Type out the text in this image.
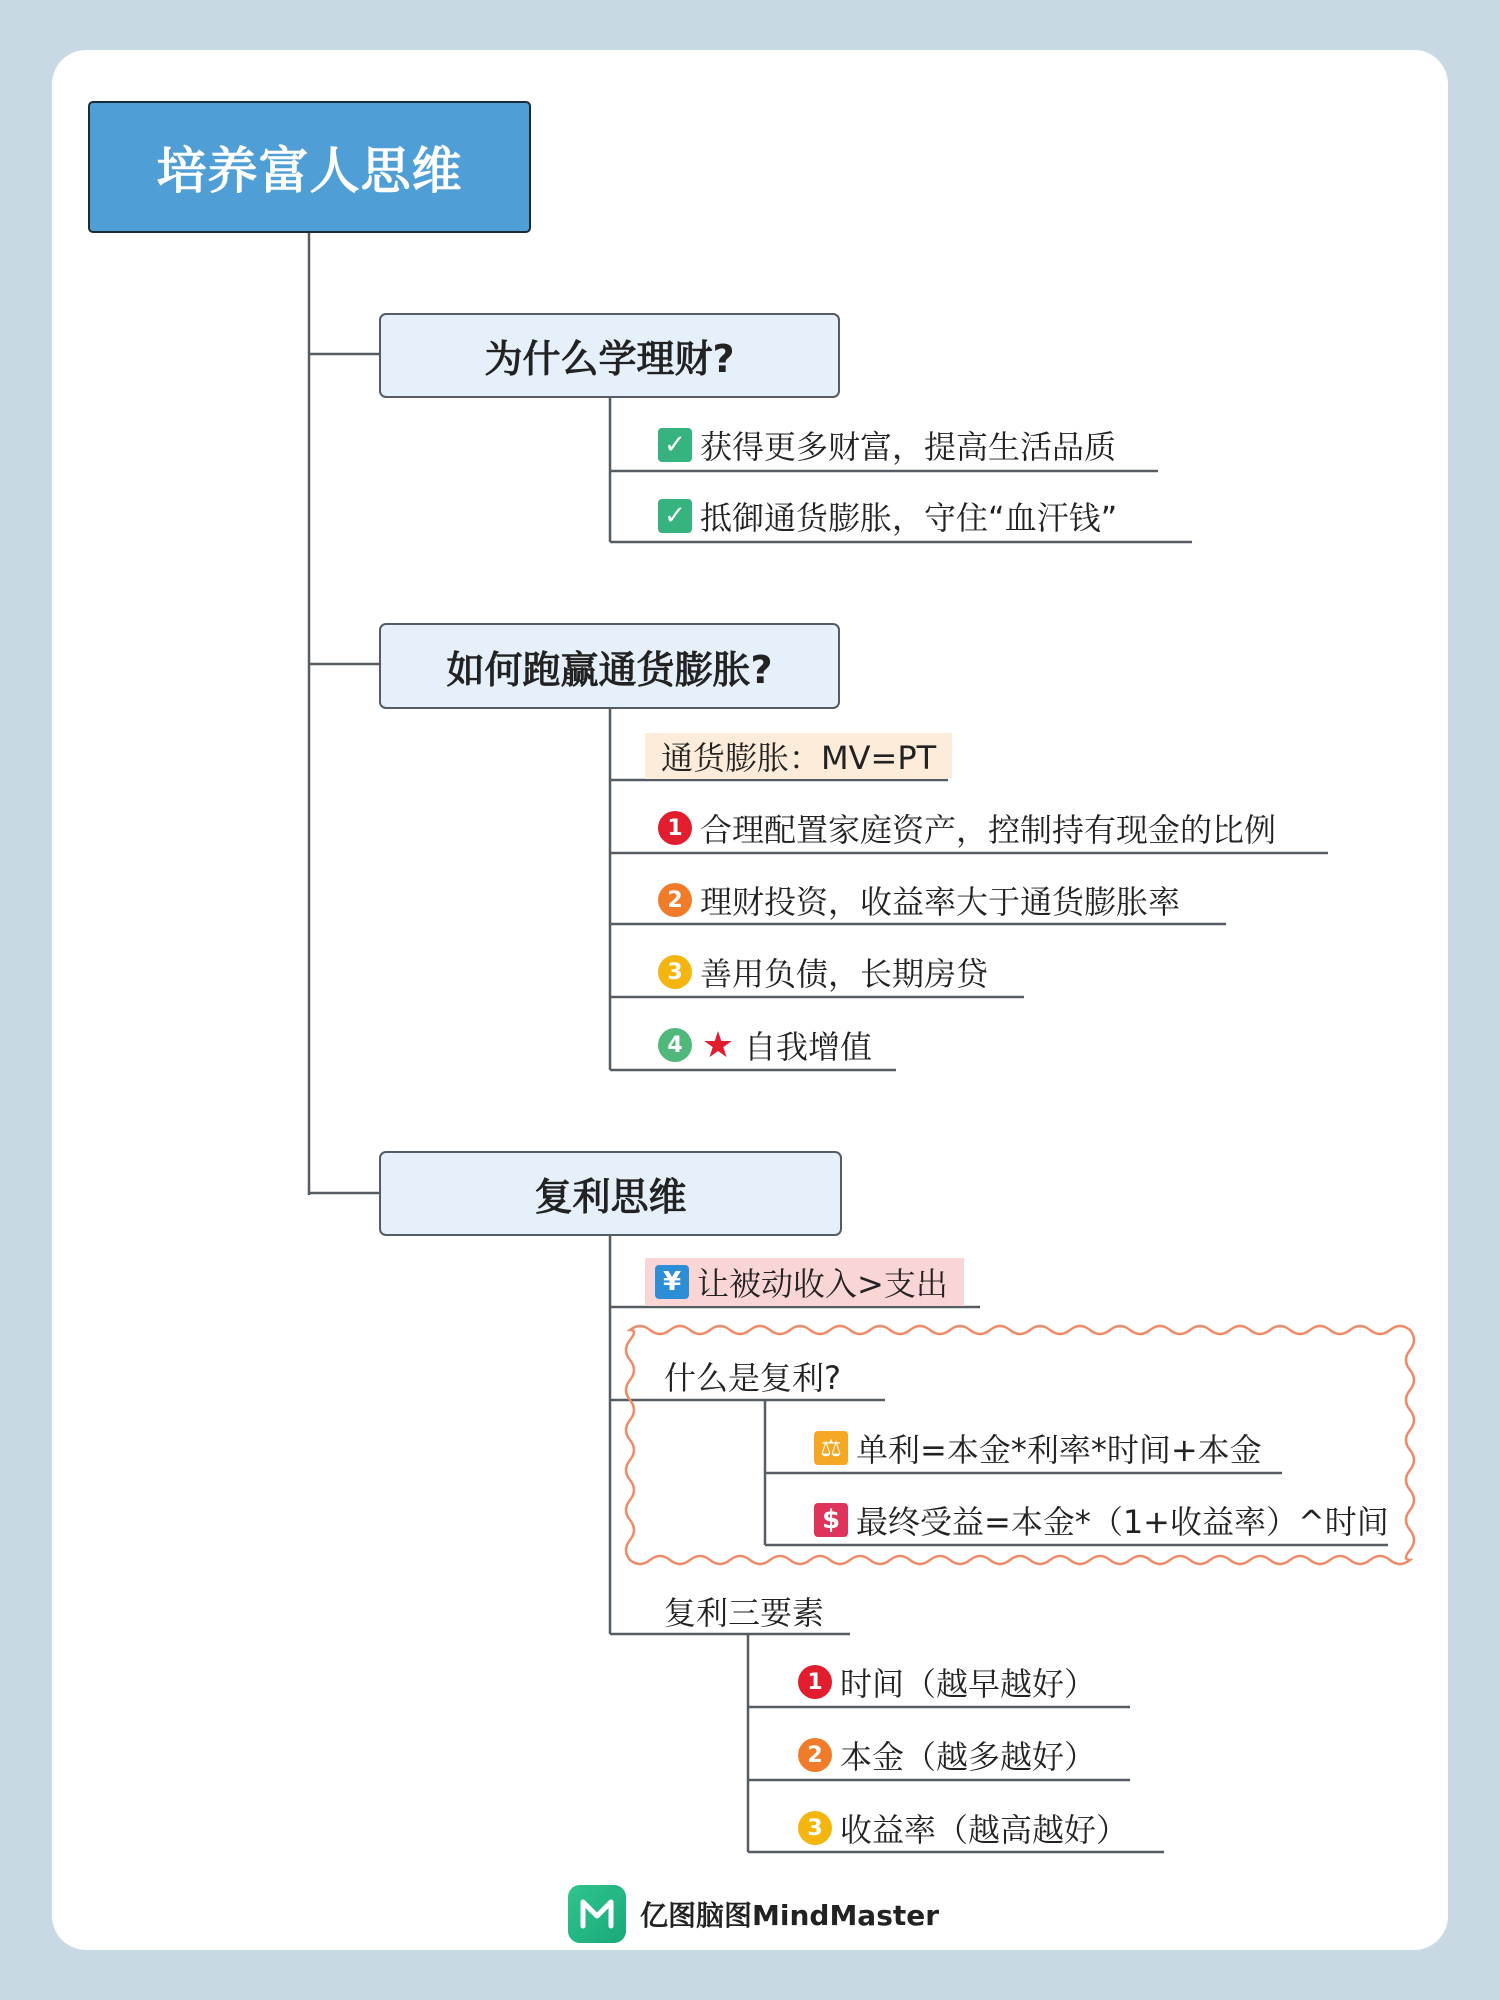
培养富人思维
为什么学理财?
如何跑赢通货膨胀?
复利思维
✓ 获得更多财富，提高生活品质
✓ 抵御通货膨胀，守住“血汗钱”
通货膨胀：MV=PT
1 合理配置家庭资产，控制持有现金的比例
2 理财投资，收益率大于通货膨胀率
3 善用负债，长期房贷
4 ★ 自我增值
¥ 让被动收入>支出
什么是复利?
⚖ 单利=本金*利率*时间+本金
$ 最终受益=本金*（1+收益率）^时间
复利三要素
1 时间（越早越好）
2 本金（越多越好）
3 收益率（越高越好）
亿图脑图MindMaster
